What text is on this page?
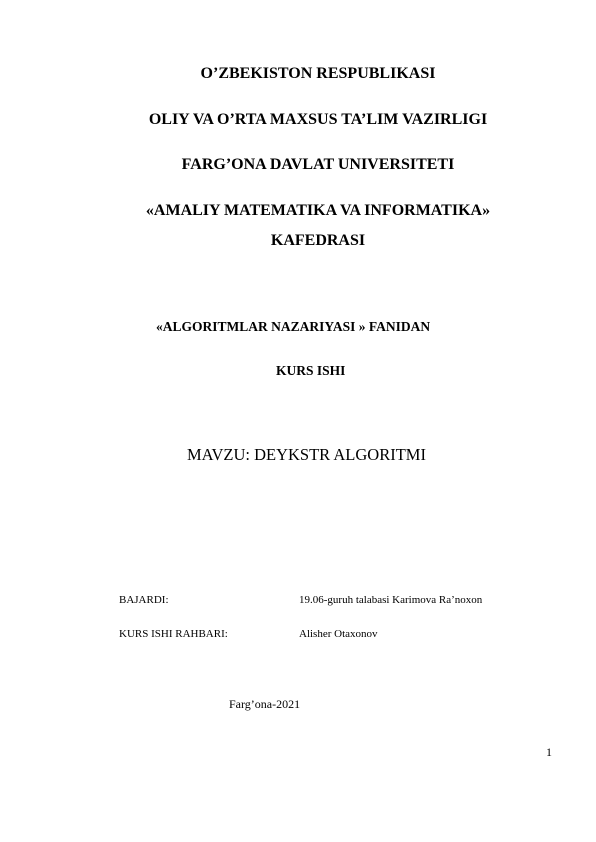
O’ZBEKISTON RESPUBLIKASI
OLIY VA O’RTA MAXSUS TA’LIM VAZIRLIGI
FARG’ONA DAVLAT UNIVERSITETI
«AMALIY MATEMATIKA VA INFORMATIKA»
KAFEDRASI
«ALGORITMLAR NAZARIYASI » FANIDAN
KURS ISHI
MAVZU: DEYKSTR ALGORITMI
BAJARDI:	19.06-guruh talabasi Karimova Ra’noxon
KURS ISHI RAHBARI:	Alisher Otaxonov
Farg’ona-2021
1
